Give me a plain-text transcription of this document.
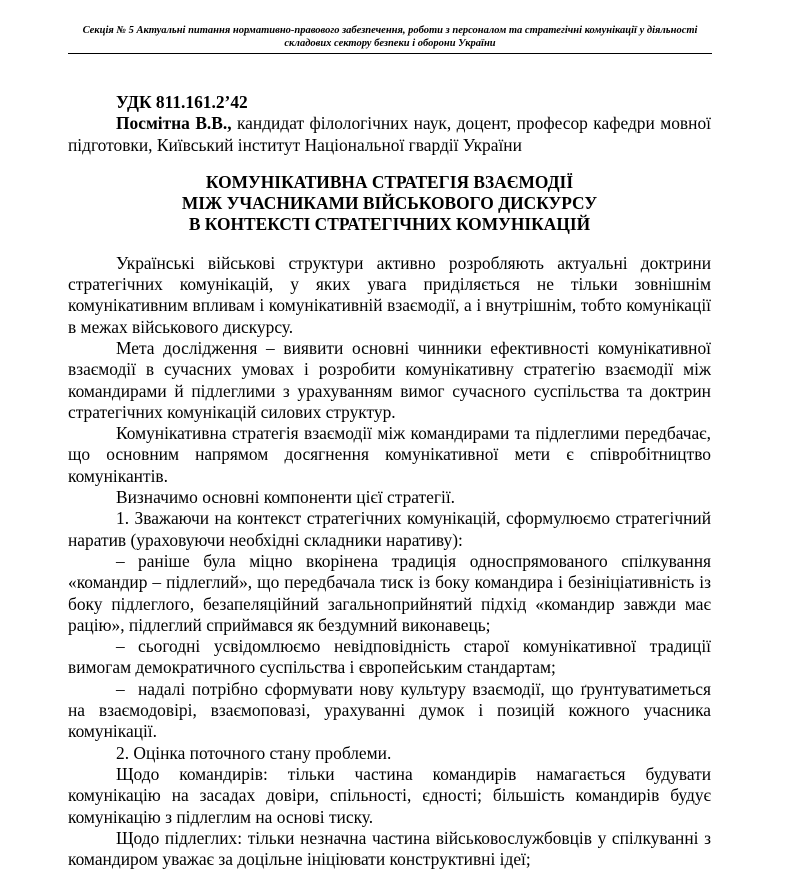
Секція № 5 Актуальні питання нормативно-правового забезпечення, роботи з персоналом та стратегічні комунікації у діяльності складових сектору безпеки і оборони України

УДК 811.161.2’42

Посмітна В.В., кандидат філологічних наук, доцент, професор кафедри мовної підготовки, Київський інститут Національної гвардії України

КОМУНІКАТИВНА СТРАТЕГІЯ ВЗАЄМОДІЇ
МІЖ УЧАСНИКАМИ ВІЙСЬКОВОГО ДИСКУРСУ
В КОНТЕКСТІ СТРАТЕГІЧНИХ КОМУНІКАЦІЙ

Українські військові структури активно розробляють актуальні доктрини стратегічних комунікацій, у яких увага приділяється не тільки зовнішнім комунікативним впливам і комунікативній взаємодії, а і внутрішнім, тобто комунікації в межах військового дискурсу.

Мета дослідження – виявити основні чинники ефективності комунікативної взаємодії в сучасних умовах і розробити комунікативну стратегію взаємодії між командирами й підлеглими з урахуванням вимог сучасного суспільства та доктрин стратегічних комунікацій силових структур.

Комунікативна стратегія взаємодії між командирами та підлеглими передбачає, що основним напрямом досягнення комунікативної мети є співробітництво комунікантів.

Визначимо основні компоненти цієї стратегії.

1. Зважаючи на контекст стратегічних комунікацій, сформулюємо стратегічний наратив (ураховуючи необхідні складники наративу):

– раніше була міцно вкорінена традиція односпрямованого спілкування «командир – підлеглий», що передбачала тиск із боку командира і безініціативність із боку підлеглого, безапеляційний загальноприйнятий підхід «командир завжди має рацію», підлеглий сприймався як бездумний виконавець;

– сьогодні усвідомлюємо невідповідність старої комунікативної традиції вимогам демократичного суспільства і європейським стандартам;

– надалі потрібно сформувати нову культуру взаємодії, що ґрунтуватиметься на взаємодовірі, взаємоповазі, урахуванні думок і позицій кожного учасника комунікації.

2. Оцінка поточного стану проблеми.

Щодо командирів: тільки частина командирів намагається будувати комунікацію на засадах довіри, спільності, єдності; більшість командирів будує комунікацію з підлеглим на основі тиску.

Щодо підлеглих: тільки незначна частина військовослужбовців у спілкуванні з командиром уважає за доцільне ініціювати конструктивні ідеї;
